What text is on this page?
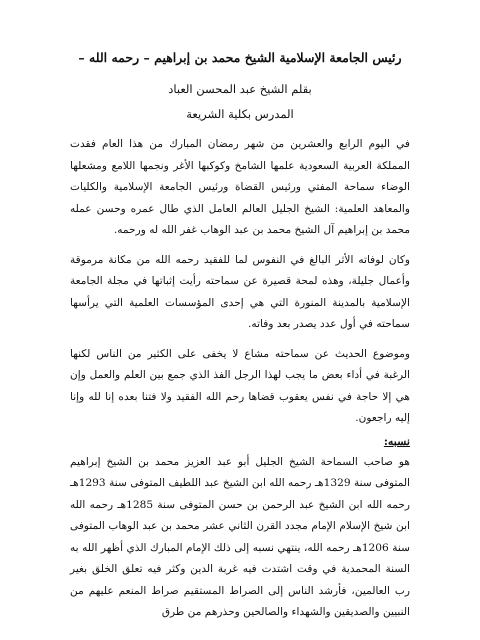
رئيس الجامعة الإسلامية الشيخ محمد بن إبراهيم – رحمه الله –
بقلم الشيخ عبد المحسن العباد
المدرس بكلية الشريعة

في اليوم الرابع والعشرين من شهر رمضان المبارك من هذا العام فقدت المملكة العربية السعودية علمها الشامخ وكوكبها الأغر ونجمها اللامع ومشعلها الوضاء سماحة المفتي ورئيس القضاة ورئيس الجامعة الإسلامية والكليات والمعاهد العلمية: الشيخ الجليل العالم العامل الذي طال عمره وحسن عمله محمد بن إبراهيم آل الشيخ محمد بن عبد الوهاب غفر الله له ورحمه.

وكان لوفاته الأثر البالغ في النفوس لما للفقيد رحمه الله من مكانة مرموقة وأعمال جليلة، وهذه لمحة قصيرة عن سماحته رأيت إثباتها في مجلة الجامعة الإسلامية بالمدينة المنورة التي هي إحدى المؤسسات العلمية التي يرأسها سماحته في أول عدد يصدر بعد وفاته.

وموضوع الحديث عن سماحته مشاع لا يخفى على الكثير من الناس لكنها الرغبة في أداء بعض ما يجب لهذا الرجل الفذ الذي جمع بين العلم والعمل وإن هي إلا حاجة في نفس يعقوب قضاها رحم الله الفقيد ولا فتنا بعده إنا لله وإنا إليه راجعون.

نسبه:

هو صاحب السماحة الشيخ الجليل أبو عبد العزيز محمد بن الشيخ إبراهيم المتوفى سنة 1329هـ رحمه الله ابن الشيخ عبد اللطيف المتوفى سنة 1293هـ رحمه الله ابن الشيخ عبد الرحمن بن حسن المتوفى سنة 1285هـ رحمه الله ابن شيخ الإسلام الإمام مجدد القرن الثاني عشر محمد بن عبد الوهاب المتوفى سنة 1206هـ رحمه الله، ينتهي نسبه إلى ذلك الإمام المبارك الذي أظهر الله به السنة المحمدية في وقت اشتدت فيه غربة الدين وكثر فيه تعلق الخلق بغير رب العالمين، فأرشد الناس إلى الصراط المستقيم صراط المنعم عليهم من النبيين والصديقين والشهداء والصالحين وحذرهم من طرق
